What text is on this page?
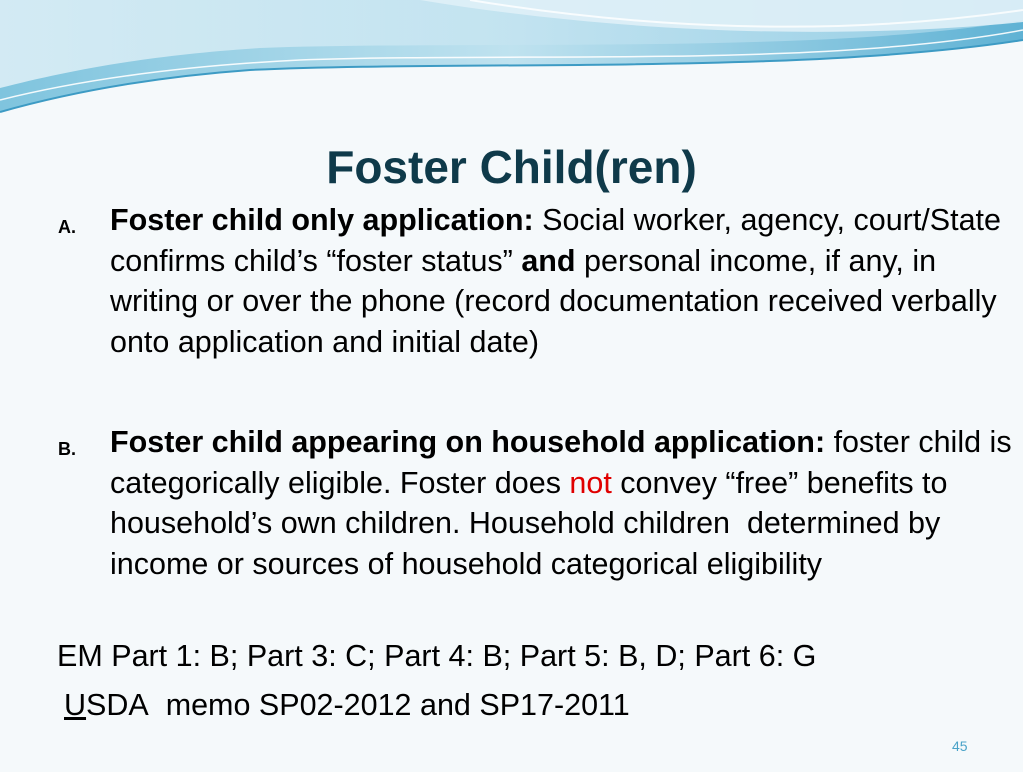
Foster Child(ren)
A. Foster child only application: Social worker, agency, court/State confirms child’s “foster status” and personal income, if any, in writing or over the phone (record documentation received verbally onto application and initial date)

B. Foster child appearing on household application: foster child is categorically eligible. Foster does not convey “free” benefits to household’s own children. Household children  determined by income or sources of household categorical eligibility

EM Part 1: B; Part 3: C; Part 4: B; Part 5: B, D; Part 6: G

USDA  memo SP02-2012 and SP17-2011

45
